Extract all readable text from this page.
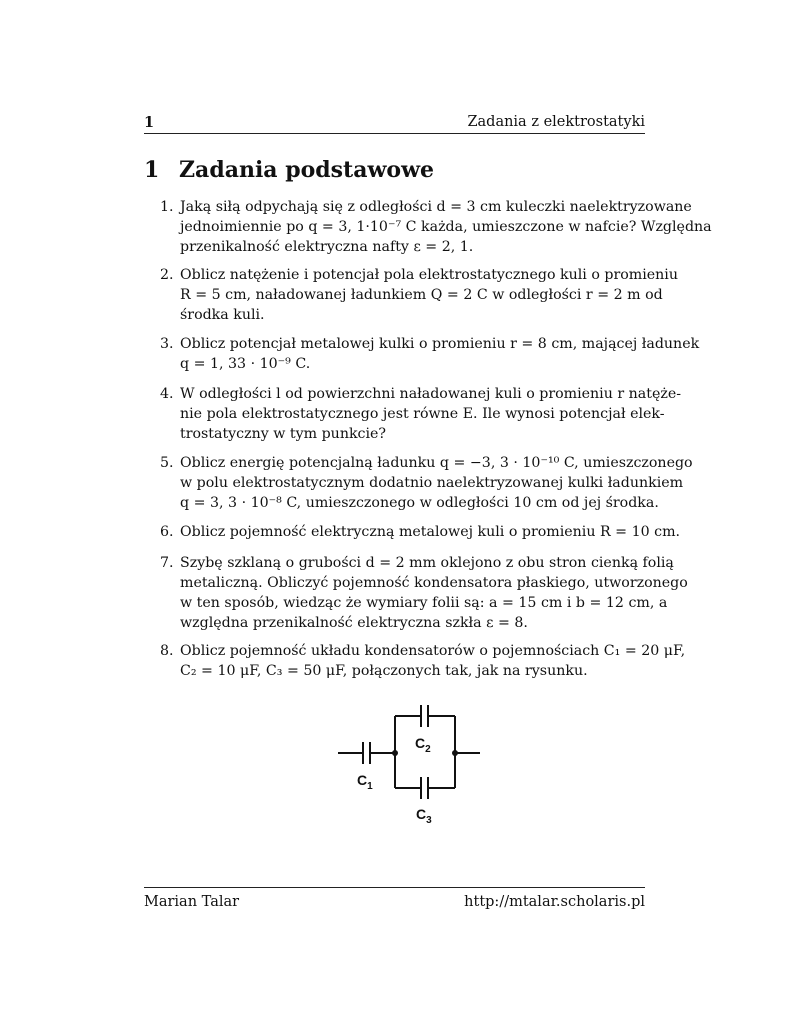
1	Zadania z elektrostatyki
1 Zadania podstawowe
1. Jaką siłą odpychają się z odległości d = 3 cm kuleczki naelektryzowane
jednoimiennie po q = 3, 1·10⁻⁷ C każda, umieszczone w nafcie? Względna
przenikalność elektryczna nafty ε = 2, 1.
2. Oblicz natężenie i potencjał pola elektrostatycznego kuli o promieniu
R = 5 cm, naładowanej ładunkiem Q = 2 C w odległości r = 2 m od
środka kuli.
3. Oblicz potencjał metalowej kulki o promieniu r = 8 cm, mającej ładunek
q = 1, 33 · 10⁻⁹ C.
4. W odległości l od powierzchni naładowanej kuli o promieniu r natęże-
nie pola elektrostatycznego jest równe E. Ile wynosi potencjał elek-
trostatyczny w tym punkcie?
5. Oblicz energię potencjalną ładunku q = −3, 3 · 10⁻¹⁰ C, umieszczonego
w polu elektrostatycznym dodatnio naelektryzowanej kulki ładunkiem
q = 3, 3 · 10⁻⁸ C, umieszczonego w odległości 10 cm od jej środka.
6. Oblicz pojemność elektryczną metalowej kuli o promieniu R = 10 cm.
7. Szybę szklaną o grubości d = 2 mm oklejono z obu stron cienką folią
metaliczną. Obliczyć pojemność kondensatora płaskiego, utworzonego
w ten sposób, wiedząc że wymiary folii są: a = 15 cm i b = 12 cm, a
względna przenikalność elektryczna szkła ε = 8.
8. Oblicz pojemność układu kondensatorów o pojemnościach C₁ = 20 μF,
C₂ = 10 μF, C₃ = 50 μF, połączonych tak, jak na rysunku.
$C_2$
$C_1$
$C_3$
Marian Talar	http://mtalar.scholaris.pl
